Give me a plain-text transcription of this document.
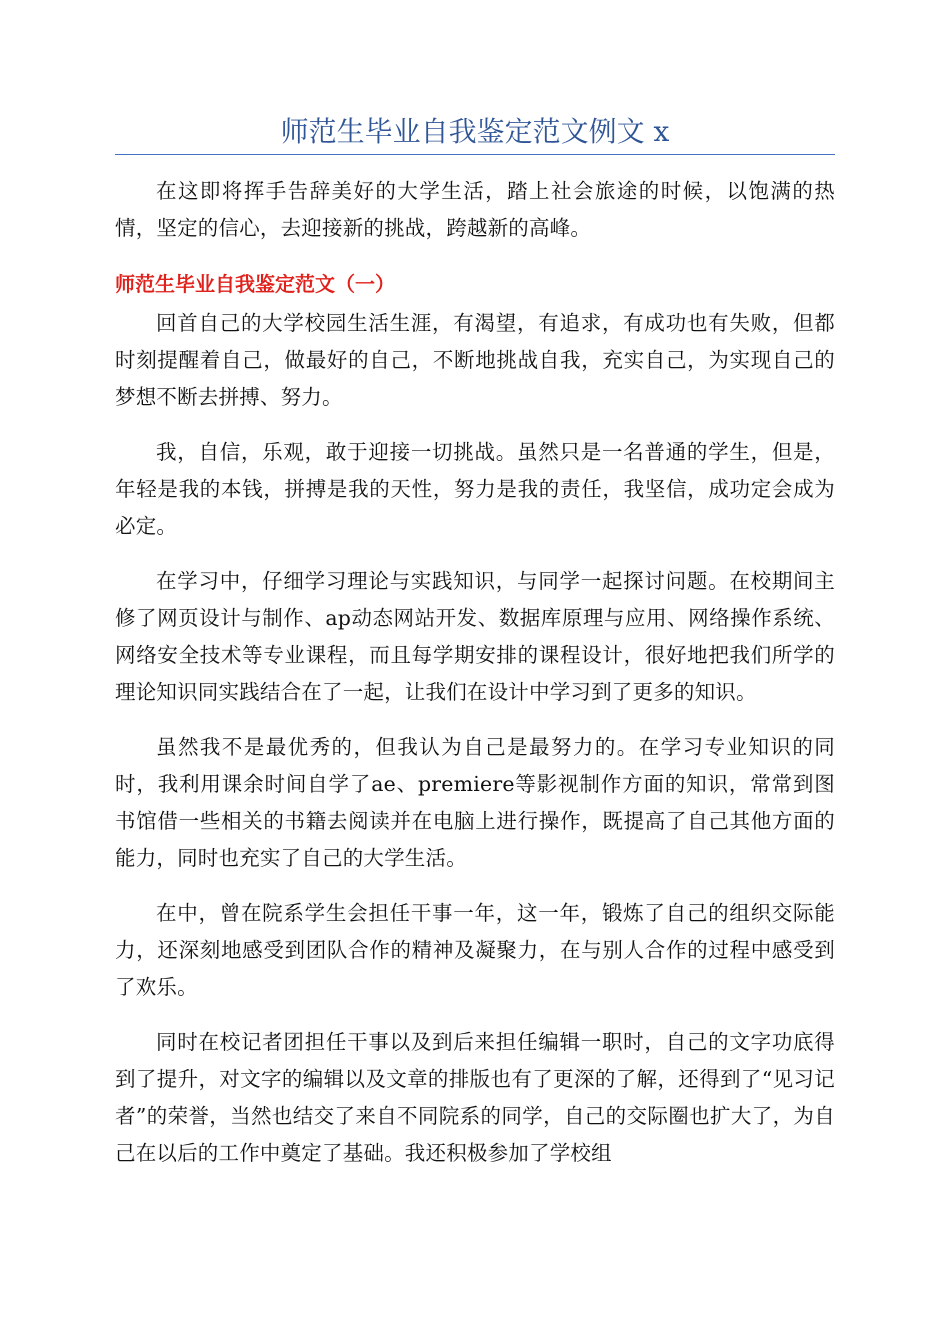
师范生毕业自我鉴定范文例文 x

在这即将挥手告辞美好的大学生活，踏上社会旅途的时候，以饱满的热情，坚定的信心，去迎接新的挑战，跨越新的高峰。

师范生毕业自我鉴定范文（一）

回首自己的大学校园生活生涯，有渴望，有追求，有成功也有失败，但都时刻提醒着自己，做最好的自己，不断地挑战自我，充实自己，为实现自己的梦想不断去拼搏、努力。

我，自信，乐观，敢于迎接一切挑战。虽然只是一名普通的学生，但是，年轻是我的本钱，拼搏是我的天性，努力是我的责任，我坚信，成功定会成为必定。

在学习中，仔细学习理论与实践知识，与同学一起探讨问题。在校期间主修了网页设计与制作、ap动态网站开发、数据库原理与应用、网络操作系统、网络安全技术等专业课程，而且每学期安排的课程设计，很好地把我们所学的理论知识同实践结合在了一起，让我们在设计中学习到了更多的知识。

虽然我不是最优秀的，但我认为自己是最努力的。在学习专业知识的同时，我利用课余时间自学了ae、premiere等影视制作方面的知识，常常到图书馆借一些相关的书籍去阅读并在电脑上进行操作，既提高了自己其他方面的能力，同时也充实了自己的大学生活。

在中，曾在院系学生会担任干事一年，这一年，锻炼了自己的组织交际能力，还深刻地感受到团队合作的精神及凝聚力，在与别人合作的过程中感受到了欢乐。

同时在校记者团担任干事以及到后来担任编辑一职时，自己的文字功底得到了提升，对文字的编辑以及文章的排版也有了更深的了解，还得到了“见习记者”的荣誉，当然也结交了来自不同院系的同学，自己的交际圈也扩大了，为自己在以后的工作中奠定了基础。我还积极参加了学校组
